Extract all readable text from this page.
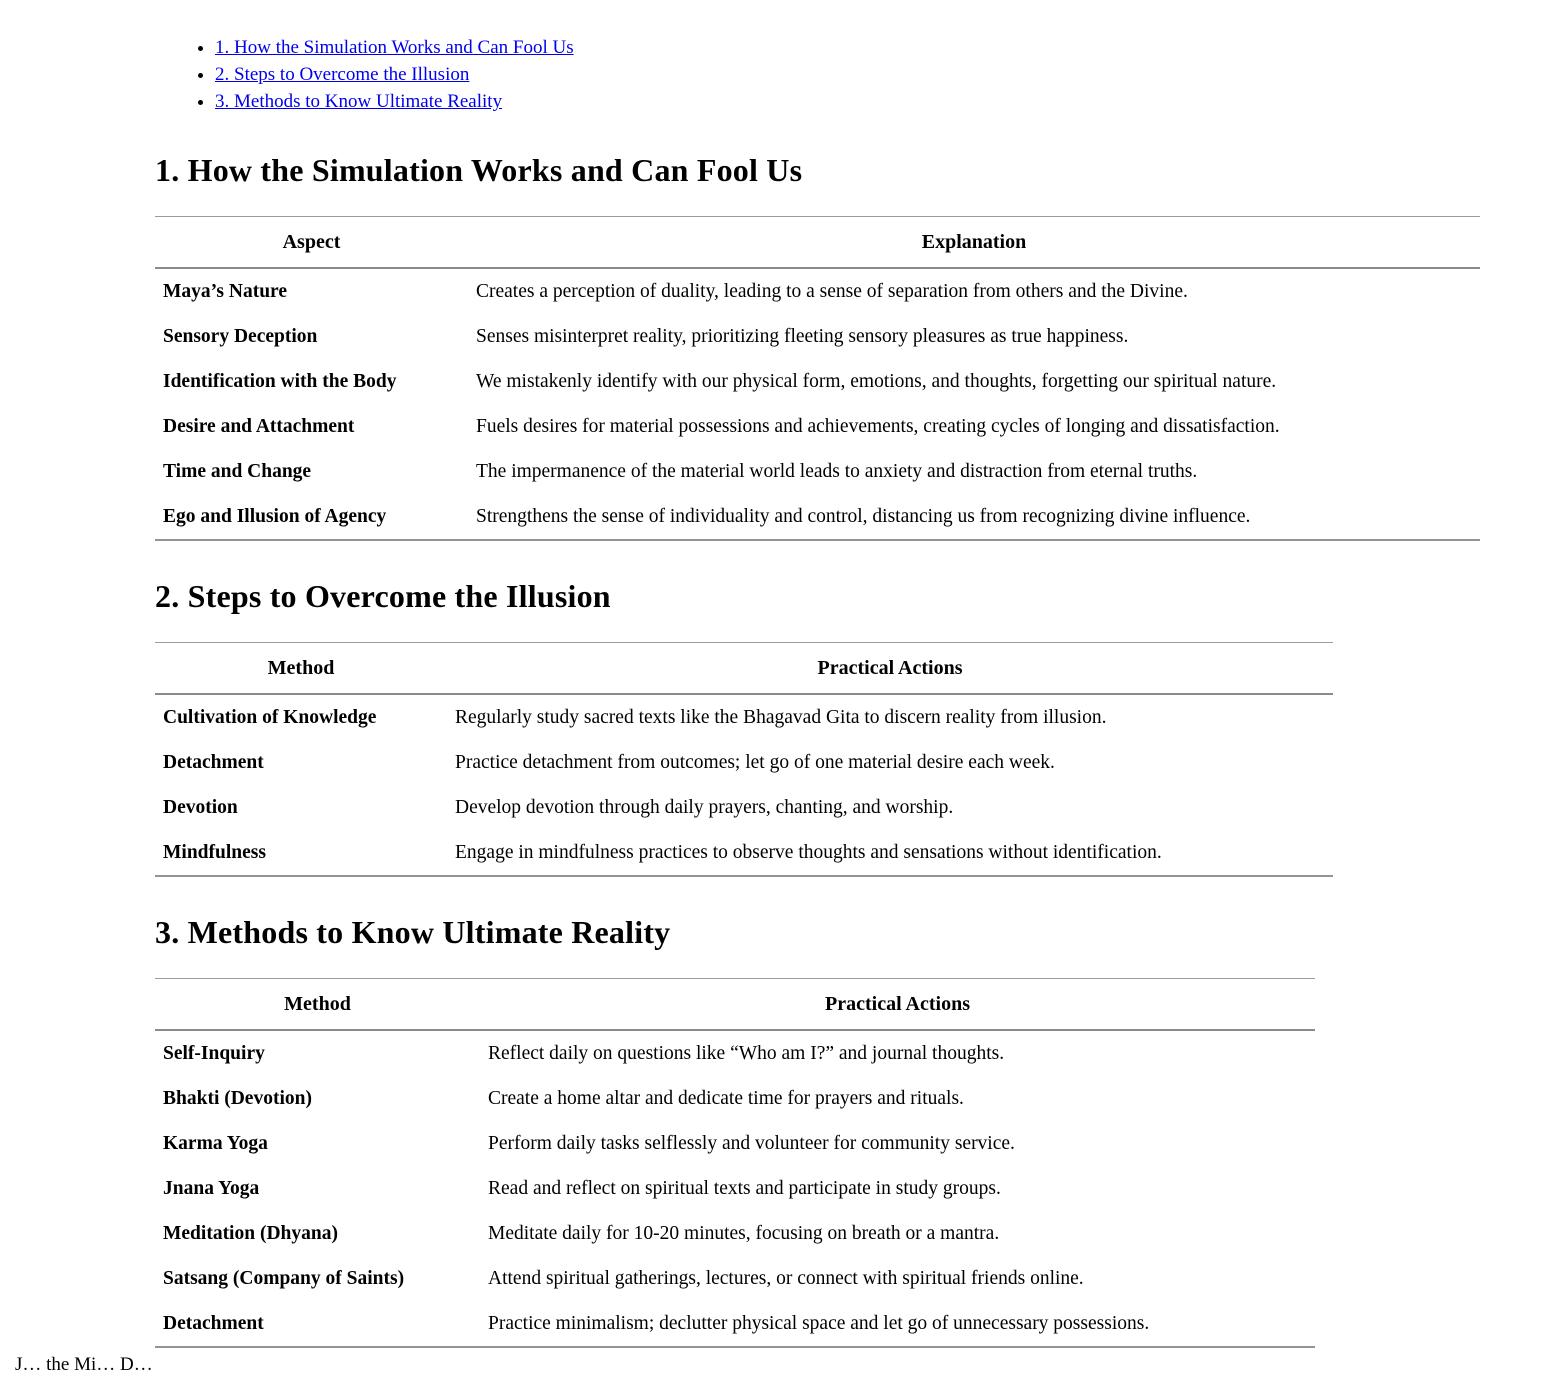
• 1. How the Simulation Works and Can Fool Us
• 2. Steps to Overcome the Illusion
• 3. Methods to Know Ultimate Reality
1. How the Simulation Works and Can Fool Us
Aspect	Explanation
Maya’s Nature	Creates a perception of duality, leading to a sense of separation from others and the Divine.
Sensory Deception	Senses misinterpret reality, prioritizing fleeting sensory pleasures as true happiness.
Identification with the Body	We mistakenly identify with our physical form, emotions, and thoughts, forgetting our spiritual nature.
Desire and Attachment	Fuels desires for material possessions and achievements, creating cycles of longing and dissatisfaction.
Time and Change	The impermanence of the material world leads to anxiety and distraction from eternal truths.
Ego and Illusion of Agency	Strengthens the sense of individuality and control, distancing us from recognizing divine influence.
2. Steps to Overcome the Illusion
Method	Practical Actions
Cultivation of Knowledge	Regularly study sacred texts like the Bhagavad Gita to discern reality from illusion.
Detachment	Practice detachment from outcomes; let go of one material desire each week.
Devotion	Develop devotion through daily prayers, chanting, and worship.
Mindfulness	Engage in mindfulness practices to observe thoughts and sensations without identification.
3. Methods to Know Ultimate Reality
Method	Practical Actions
Self-Inquiry	Reflect daily on questions like “Who am I?” and journal thoughts.
Bhakti (Devotion)	Create a home altar and dedicate time for prayers and rituals.
Karma Yoga	Perform daily tasks selflessly and volunteer for community service.
Jnana Yoga	Read and reflect on spiritual texts and participate in study groups.
Meditation (Dhyana)	Meditate daily for 10-20 minutes, focusing on breath or a mantra.
Satsang (Company of Saints)	Attend spiritual gatherings, lectures, or connect with spiritual friends online.
Detachment	Practice minimalism; declutter physical space and let go of unnecessary possessions.
J… the Mi… D…
